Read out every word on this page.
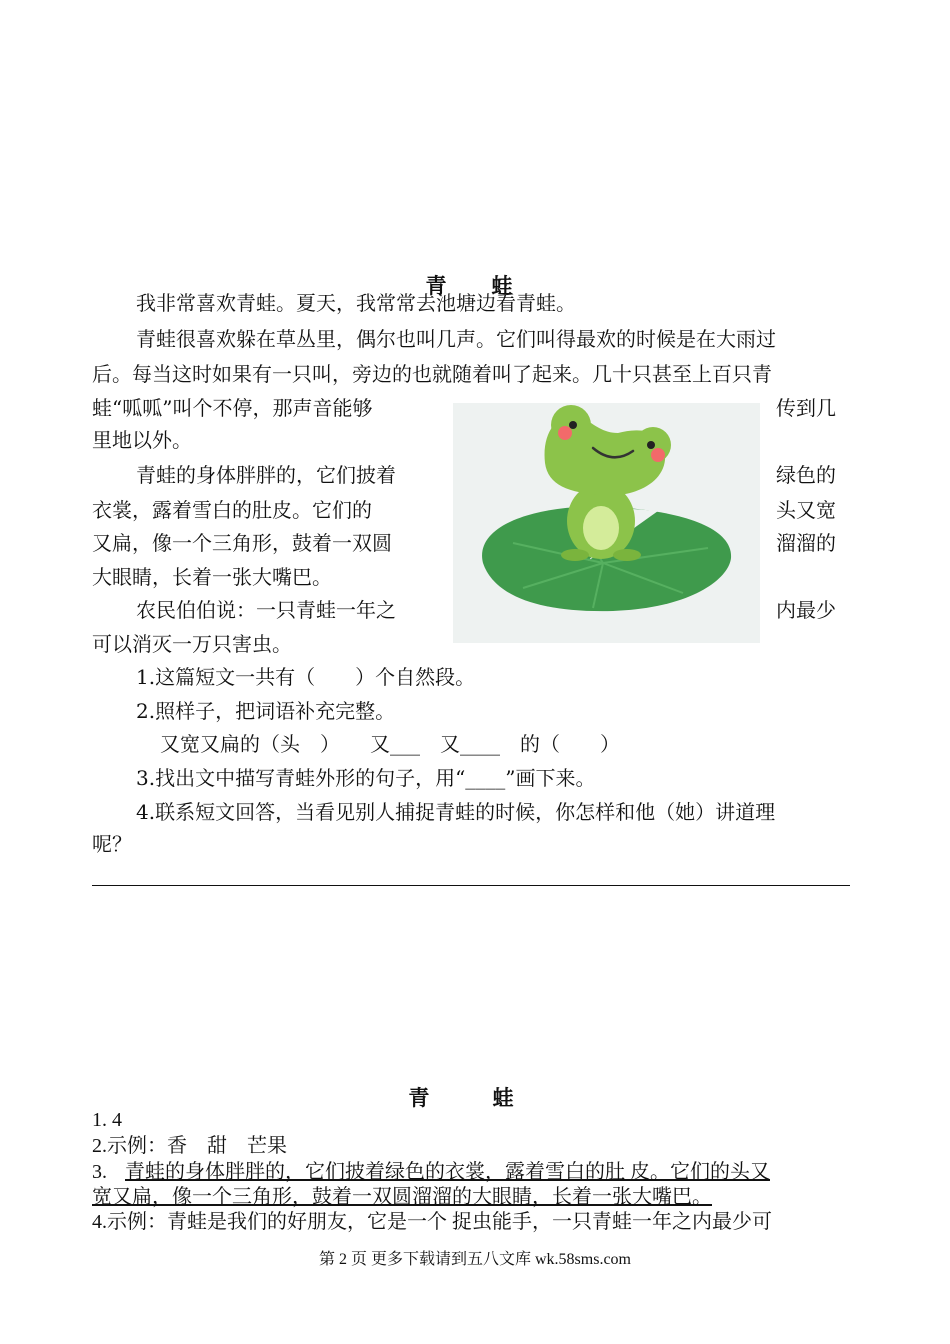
青　蛙
我非常喜欢青蛙。夏天，我常常去池塘边看青蛙。
青蛙很喜欢躲在草丛里，偶尔也叫几声。它们叫得最欢的时候是在大雨过
后。每当这时如果有一只叫，旁边的也就随着叫了起来。几十只甚至上百只青
蛙“呱呱”叫个不停，那声音能够	传到几
里地以外。
青蛙的身体胖胖的，它们披着	绿色的
衣裳，露着雪白的肚皮。它们的	头又宽
又扁，像一个三角形，鼓着一双圆	溜溜的
大眼睛，长着一张大嘴巴。
农民伯伯说：一只青蛙一年之	内最少
可以消灭一万只害虫。
1.这篇短文一共有（　　）个自然段。
2.照样子，把词语补充完整。
又宽又扁的（头　）　　又___　又____　的（　　）
3.找出文中描写青蛙外形的句子，用“____”画下来。
4.联系短文回答，当看见别人捕捉青蛙的时候，你怎样和他（她）讲道理
呢？
青 蛙
1. 4
2.示例：香　甜　芒果
3. 青蛙的身体胖胖的，它们披着绿色的衣裳，露着雪白的肚 皮。它们的头又
宽又扁，像一个三角形，鼓着一双圆溜溜的大眼睛，长着一张大嘴巴。
4.示例：青蛙是我们的好朋友，它是一个 捉虫能手，一只青蛙一年之内最少可
第 2 页 更多下载请到五八文库 wk.58sms.com
